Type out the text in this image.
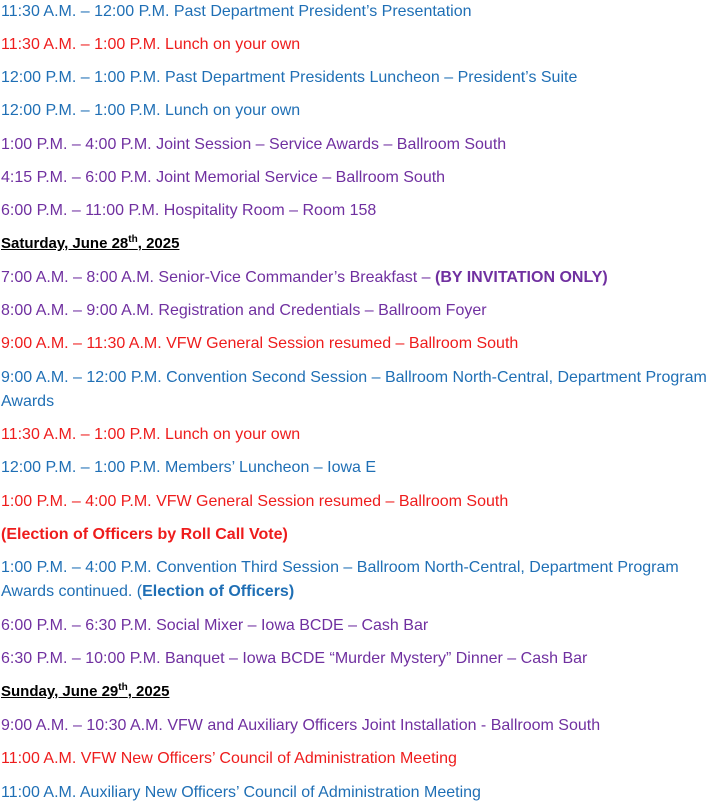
11:30 A.M. – 12:00 P.M. Past Department President’s Presentation
11:30 A.M. – 1:00 P.M. Lunch on your own
12:00 P.M. – 1:00 P.M. Past Department Presidents Luncheon – President’s Suite
12:00 P.M. – 1:00 P.M. Lunch on your own
1:00 P.M. – 4:00 P.M. Joint Session – Service Awards – Ballroom South
4:15 P.M. – 6:00 P.M. Joint Memorial Service – Ballroom South
6:00 P.M. – 11:00 P.M. Hospitality Room – Room 158
Saturday, June 28th, 2025
7:00 A.M. – 8:00 A.M. Senior-Vice Commander’s Breakfast – (BY INVITATION ONLY)
8:00 A.M. – 9:00 A.M. Registration and Credentials – Ballroom Foyer
9:00 A.M. – 11:30 A.M. VFW General Session resumed – Ballroom South
9:00 A.M. – 12:00 P.M. Convention Second Session – Ballroom North-Central, Department Program Awards
11:30 A.M. – 1:00 P.M. Lunch on your own
12:00 P.M. – 1:00 P.M. Members’ Luncheon – Iowa E
1:00 P.M. – 4:00 P.M. VFW General Session resumed – Ballroom South
(Election of Officers by Roll Call Vote)
1:00 P.M. – 4:00 P.M. Convention Third Session – Ballroom North-Central, Department Program Awards continued. (Election of Officers)
6:00 P.M. – 6:30 P.M. Social Mixer – Iowa BCDE – Cash Bar
6:30 P.M. – 10:00 P.M. Banquet – Iowa BCDE “Murder Mystery” Dinner – Cash Bar
Sunday, June 29th, 2025
9:00 A.M. – 10:30 A.M. VFW and Auxiliary Officers Joint Installation - Ballroom South
11:00 A.M. VFW New Officers’ Council of Administration Meeting
11:00 A.M. Auxiliary New Officers’ Council of Administration Meeting
